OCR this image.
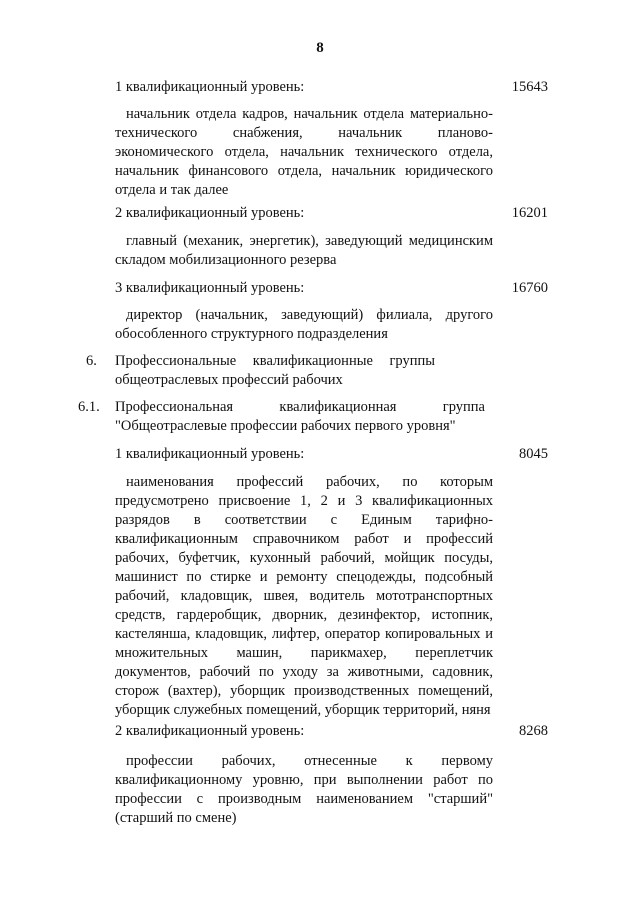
8
1 квалификационный уровень:	15643
начальник отдела кадров, начальник отдела материально-технического снабжения, начальник планово-экономического отдела, начальник технического отдела, начальник финансового отдела, начальник юридического отдела и так далее
2 квалификационный уровень:	16201
главный (механик, энергетик), заведующий медицинским складом мобилизационного резерва
3 квалификационный уровень:	16760
директор (начальник, заведующий) филиала, другого обособленного структурного подразделения
6. Профессиональные квалификационные группы общеотраслевых профессий рабочих
6.1. Профессиональная квалификационная группа "Общеотраслевые профессии рабочих первого уровня"
1 квалификационный уровень:	8045
наименования профессий рабочих, по которым предусмотрено присвоение 1, 2 и 3 квалификационных разрядов в соответствии с Единым тарифно-квалификационным справочником работ и профессий рабочих, буфетчик, кухонный рабочий, мойщик посуды, машинист по стирке и ремонту спецодежды, подсобный рабочий, кладовщик, швея, водитель мототранспортных средств, гардеробщик, дворник, дезинфектор, истопник, кастелянша, кладовщик, лифтер, оператор копировальных и множительных машин, парикмахер, переплетчик документов, рабочий по уходу за животными, садовник, сторож (вахтер), уборщик производственных помещений, уборщик служебных помещений, уборщик территорий, няня
2 квалификационный уровень:	8268
профессии рабочих, отнесенные к первому квалификационному уровню, при выполнении работ по профессии с производным наименованием "старший" (старший по смене)
